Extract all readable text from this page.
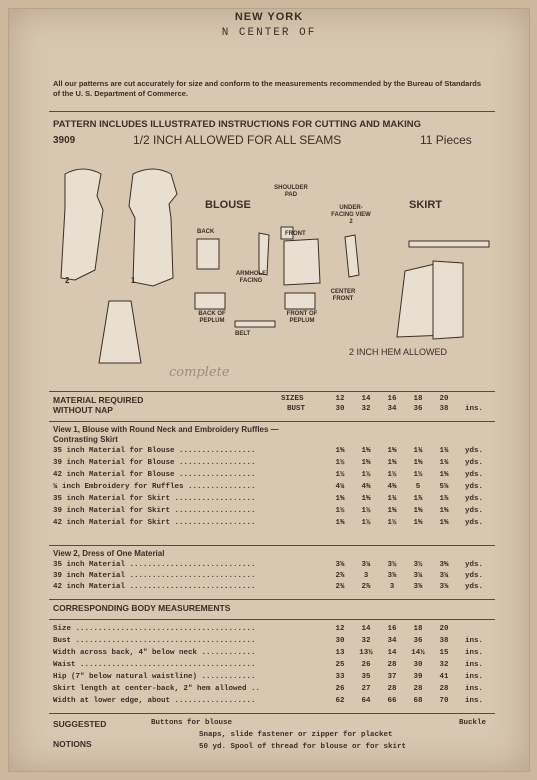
NEW YORK
N CENTER OF
All our patterns are cut accurately for size and conform to the measurements recommended by the Bureau of Standards of the U. S. Department of Commerce.
PATTERN INCLUDES ILLUSTRATED INSTRUCTIONS FOR CUTTING AND MAKING
3909	1/2 INCH ALLOWED FOR ALL SEAMS	11 Pieces
2	1
BLOUSE	SKIRT
SHOULDER PAD
UNDER-FACING VIEW 2
BACK	FRONT
ARMHOLE FACING
BACK OF PEPLUM
FRONT OF PEPLUM
CENTER FRONT
BELT
2 INCH HEM ALLOWED
complete
MATERIAL REQUIRED
WITHOUT NAP
SIZES	12	14	16	18	20
BUST	30	32	34	36	38	ins.
View 1, Blouse with Round Neck and Embroidery Ruffles —
Contrasting Skirt
35 inch Material for Blouse .................	1⅝	1⅝	1⅝	1¾	1¾	yds.
39 inch Material for Blouse .................	1½	1⅝	1⅝	1⅝	1¾	yds.
42 inch Material for Blouse .................	1½	1½	1½	1½	1⅝	yds.
¼ inch Embroidery for Ruffles ...............	4¼	4⅜	4⅜	5	5⅛	yds.
35 inch Material for Skirt ..................	1⅝	1⅝	1¾	1⅞	1⅞	yds.
39 inch Material for Skirt ..................	1½	1½	1⅝	1⅝	1⅝	yds.
42 inch Material for Skirt ..................	1⅜	1½	1½	1⅝	1⅝	yds.
View 2, Dress of One Material
35 inch Material ............................	3⅛	3¼	3½	3½	3⅝	yds.
39 inch Material ............................	2⅞	3	3⅛	3¼	3¼	yds.
42 inch Material ............................	2¾	2⅞	3	3⅛	3⅛	yds.
CORRESPONDING BODY MEASUREMENTS
Size ........................................	12	14	16	18	20
Bust ........................................	30	32	34	36	38	ins.
Width across back, 4" below neck ............	13	13½	14	14½	15	ins.
Waist .......................................	25	26	28	30	32	ins.
Hip (7" below natural waistline) ............	33	35	37	39	41	ins.
Skirt length at center-back, 2" hem allowed ..	26	27	28	28	28	ins.
Width at lower edge, about ..................	62	64	66	68	70	ins.
SUGGESTED
NOTIONS
Buttons for blouse	Buckle
Snaps, slide fastener or zipper for placket
50 yd. Spool of thread for blouse or for skirt
